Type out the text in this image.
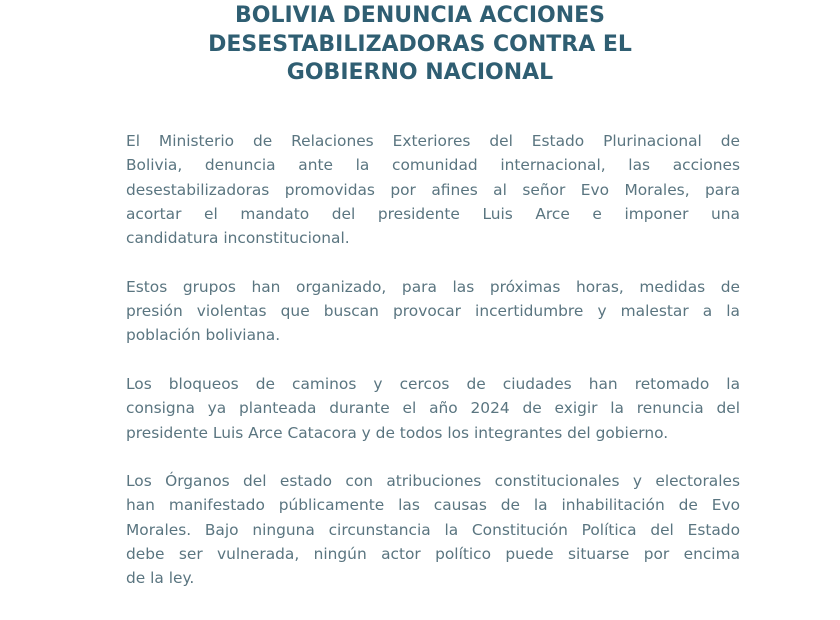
BOLIVIA DENUNCIA ACCIONES
DESESTABILIZADORAS CONTRA EL
GOBIERNO NACIONAL
El Ministerio de Relaciones Exteriores del Estado Plurinacional de
Bolivia, denuncia ante la comunidad internacional, las acciones
desestabilizadoras promovidas por afines al señor Evo Morales, para
acortar el mandato del presidente Luis Arce e imponer una
candidatura inconstitucional.
Estos grupos han organizado, para las próximas horas, medidas de
presión violentas que buscan provocar incertidumbre y malestar a la
población boliviana.
Los bloqueos de caminos y cercos de ciudades han retomado la
consigna ya planteada durante el año 2024 de exigir la renuncia del
presidente Luis Arce Catacora y de todos los integrantes del gobierno.
Los Órganos del estado con atribuciones constitucionales y electorales
han manifestado públicamente las causas de la inhabilitación de Evo
Morales. Bajo ninguna circunstancia la Constitución Política del Estado
debe ser vulnerada, ningún actor político puede situarse por encima
de la ley.
